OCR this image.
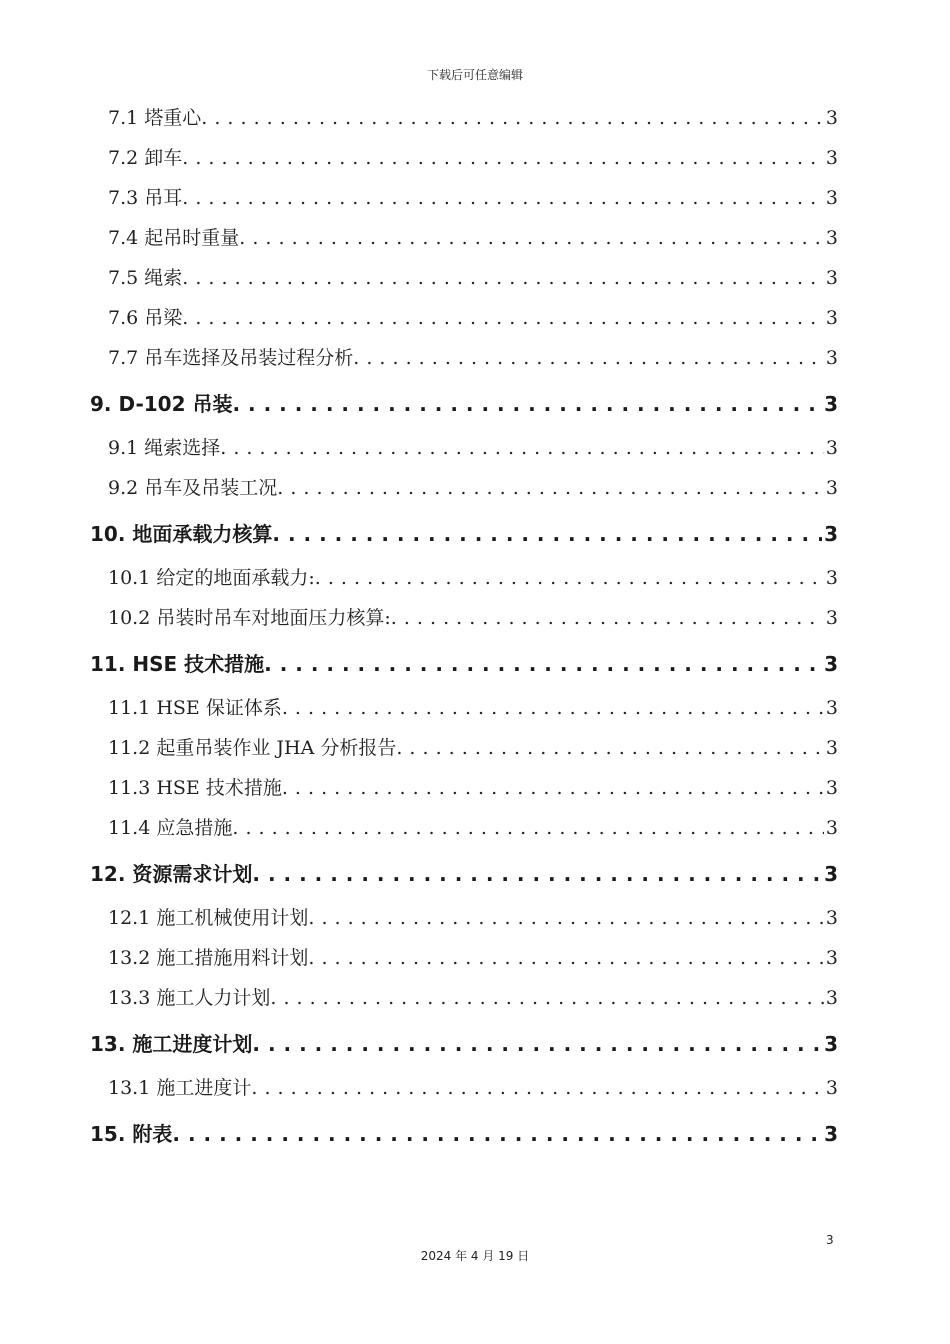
下载后可任意编辑
7.1 塔重心 . . .	3
7.2 卸车 . . .	3
7.3 吊耳 . . .	3
7.4 起吊时重量 . . .	3
7.5 绳索 . . .	3
7.6 吊梁 . . .	3
7.7 吊车选择及吊装过程分析 . . .	3
9. D-102 吊装 . . .	3
9.1 绳索选择 . . .	3
9.2 吊车及吊装工况 . . .	3
10. 地面承载力核算 . . .	3
10.1 给定的地面承载力: . . .	3
10.2 吊装时吊车对地面压力核算: . . .	3
11. HSE 技术措施 . . .	3
11.1 HSE 保证体系 . . .	3
11.2 起重吊装作业 JHA 分析报告 . . .	3
11.3 HSE 技术措施 . . .	3
11.4 应急措施 . . .	3
12. 资源需求计划 . . .	3
12.1 施工机械使用计划 . . .	3
13.2 施工措施用料计划 . . .	3
13.3 施工人力计划 . . .	3
13. 施工进度计划 . . .	3
13.1 施工进度计 . . .	3
15. 附表 . . .	3
3
2024 年 4 月 19 日
